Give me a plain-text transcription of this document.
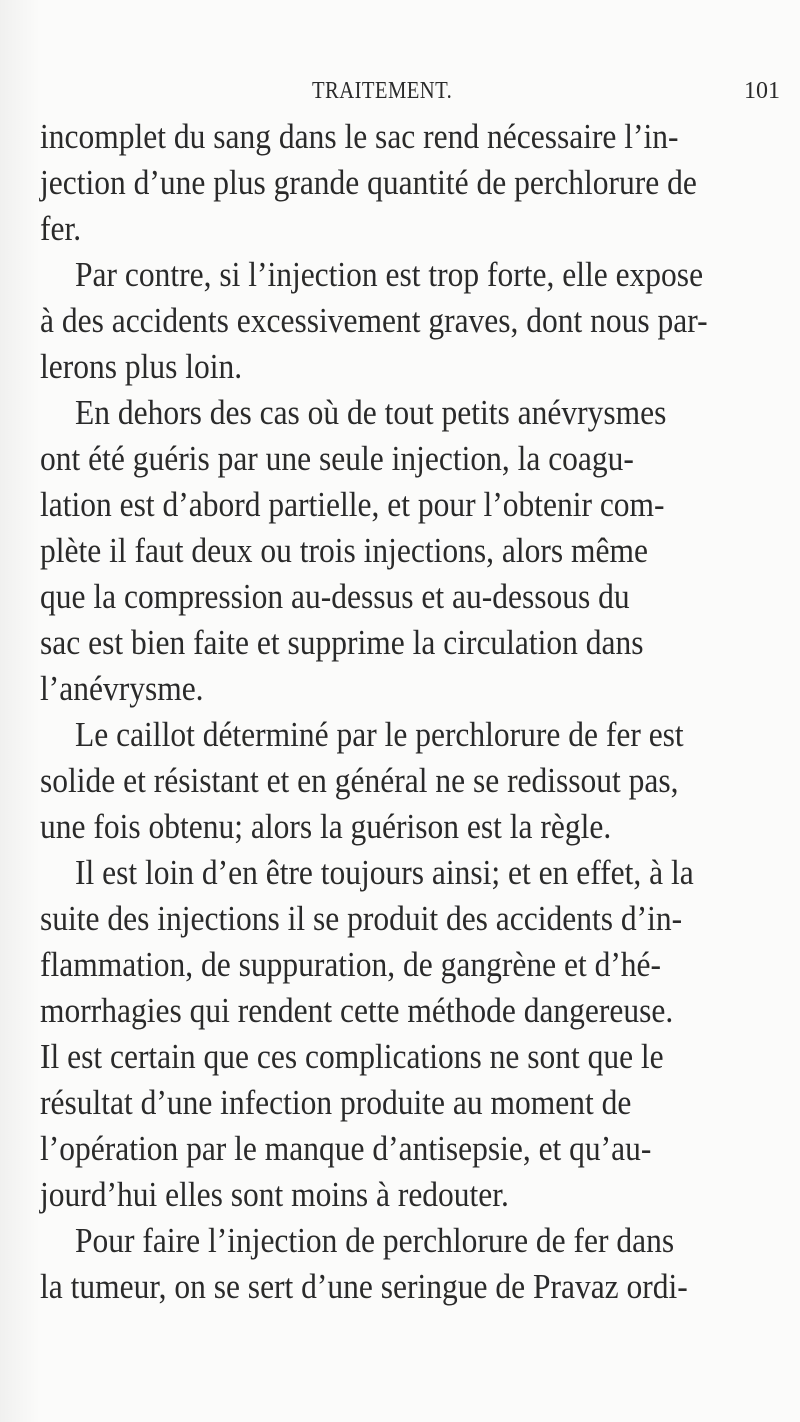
TRAITEMENT.	101
incomplet du sang dans le sac rend nécessaire l’in-
jection d’une plus grande quantité de perchlorure de
fer.
Par contre, si l’injection est trop forte, elle expose
à des accidents excessivement graves, dont nous par-
lerons plus loin.
En dehors des cas où de tout petits anévrysmes
ont été guéris par une seule injection, la coagu-
lation est d’abord partielle, et pour l’obtenir com-
plète il faut deux ou trois injections, alors même
que la compression au-dessus et au-dessous du
sac est bien faite et supprime la circulation dans
l’anévrysme.
Le caillot déterminé par le perchlorure de fer est
solide et résistant et en général ne se redissout pas,
une fois obtenu; alors la guérison est la règle.
Il est loin d’en être toujours ainsi; et en effet, à la
suite des injections il se produit des accidents d’in-
flammation, de suppuration, de gangrène et d’hé-
morrhagies qui rendent cette méthode dangereuse.
Il est certain que ces complications ne sont que le
résultat d’une infection produite au moment de
l’opération par le manque d’antisepsie, et qu’au-
jourd’hui elles sont moins à redouter.
Pour faire l’injection de perchlorure de fer dans
la tumeur, on se sert d’une seringue de Pravaz ordi-
